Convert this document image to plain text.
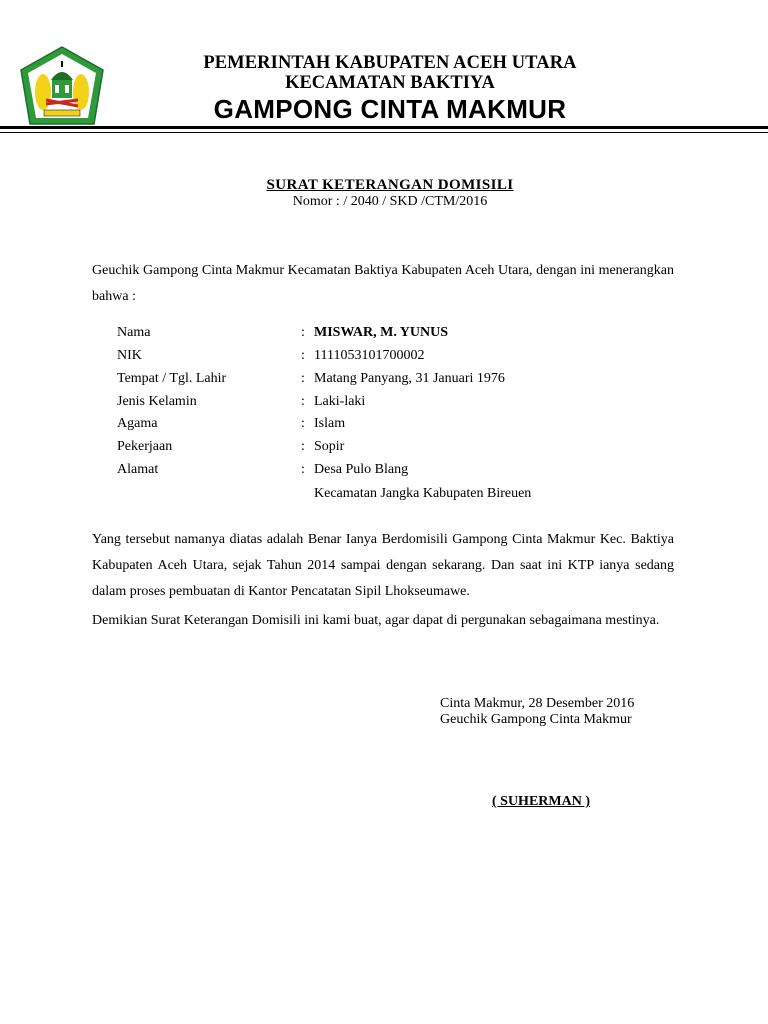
PEMERINTAH KABUPATEN ACEH UTARA
KECAMATAN BAKTIYA
GAMPONG CINTA MAKMUR
SURAT KETERANGAN DOMISILI
Nomor : / 2040 / SKD /CTM/2016
Geuchik Gampong Cinta Makmur Kecamatan Baktiya Kabupaten Aceh Utara, dengan ini menerangkan bahwa :
Nama	: MISWAR, M. YUNUS
NIK	: 1111053101700002
Tempat / Tgl. Lahir	: Matang Panyang, 31 Januari 1976
Jenis Kelamin	: Laki-laki
Agama	: Islam
Pekerjaan	: Sopir
Alamat	: Desa Pulo Blang
Kecamatan Jangka Kabupaten Bireuen
Yang tersebut namanya diatas adalah Benar Ianya Berdomisili Gampong Cinta Makmur Kec. Baktiya Kabupaten Aceh Utara, sejak Tahun 2014 sampai dengan sekarang. Dan saat ini KTP ianya sedang dalam proses pembuatan di Kantor Pencatatan Sipil Lhokseumawe.
Demikian Surat Keterangan Domisili ini kami buat, agar dapat di pergunakan sebagaimana mestinya.
Cinta Makmur, 28 Desember 2016
Geuchik Gampong Cinta Makmur
( SUHERMAN )
